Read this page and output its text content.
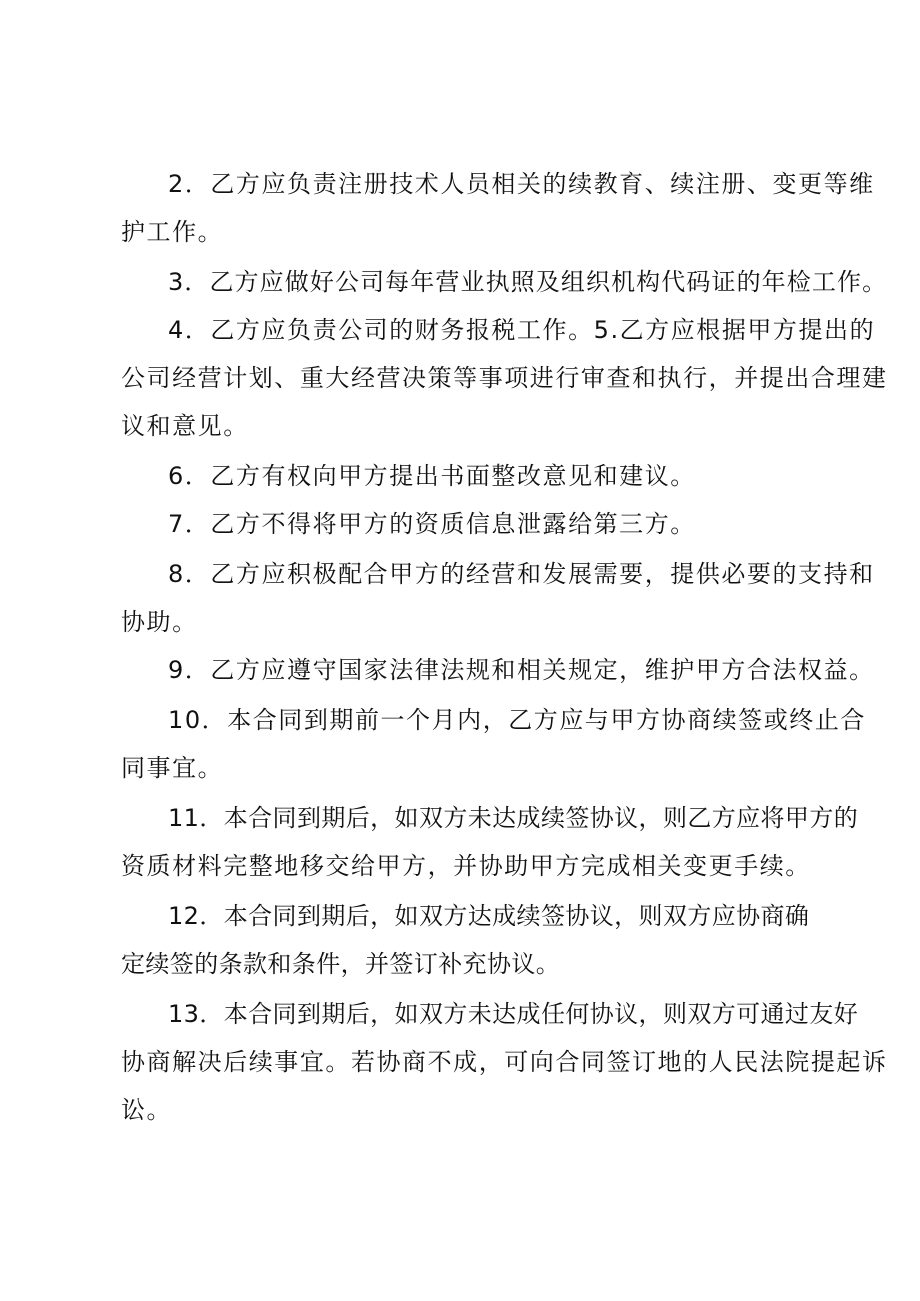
2．乙方应负责注册技术人员相关的续教育、续注册、变更等维
护工作。
3．乙方应做好公司每年营业执照及组织机构代码证的年检工作。
4．乙方应负责公司的财务报税工作。5.乙方应根据甲方提出的
公司经营计划、重大经营决策等事项进行审查和执行，并提出合理建
议和意见。
6．乙方有权向甲方提出书面整改意见和建议。
7．乙方不得将甲方的资质信息泄露给第三方。
8．乙方应积极配合甲方的经营和发展需要，提供必要的支持和
协助。
9．乙方应遵守国家法律法规和相关规定，维护甲方合法权益。
10．本合同到期前一个月内，乙方应与甲方协商续签或终止合
同事宜。
11．本合同到期后，如双方未达成续签协议，则乙方应将甲方的
资质材料完整地移交给甲方，并协助甲方完成相关变更手续。
12．本合同到期后，如双方达成续签协议，则双方应协商确
定续签的条款和条件，并签订补充协议。
13．本合同到期后，如双方未达成任何协议，则双方可通过友好
协商解决后续事宜。若协商不成，可向合同签订地的人民法院提起诉
讼。
